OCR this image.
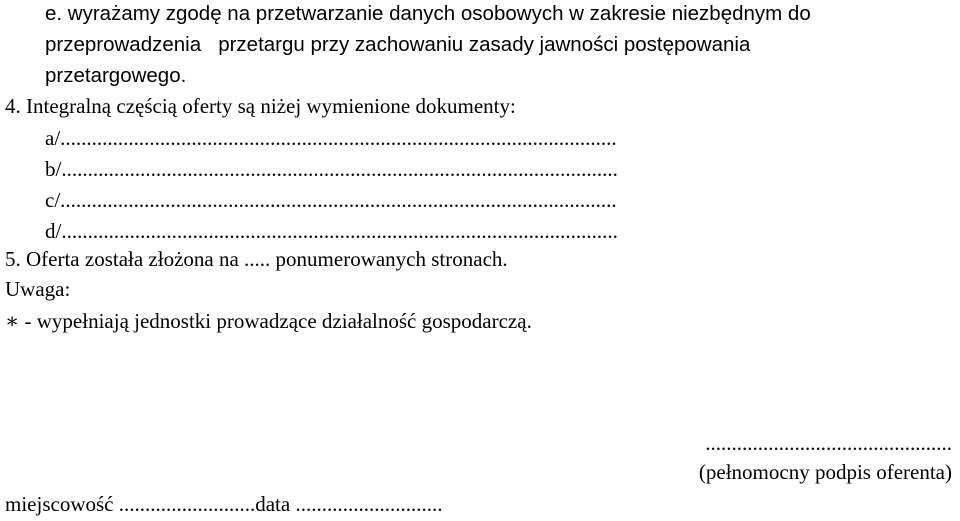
e. wyrażamy zgodę na przetwarzanie danych osobowych w zakresie niezbędnym do

przeprowadzenia   przetargu przy zachowaniu zasady jawności postępowania

przetargowego.

4. Integralną częścią oferty są niżej wymienione dokumenty:

a/..........................................................................................................

b/..........................................................................................................

c/..........................................................................................................

d/..........................................................................................................

5. Oferta została złożona na ..... ponumerowanych stronach.

Uwaga:

∗ - wypełniają jednostki prowadzące działalność gospodarczą.

...............................................

(pełnomocny podpis oferenta)

miejscowość ..........................data ............................
